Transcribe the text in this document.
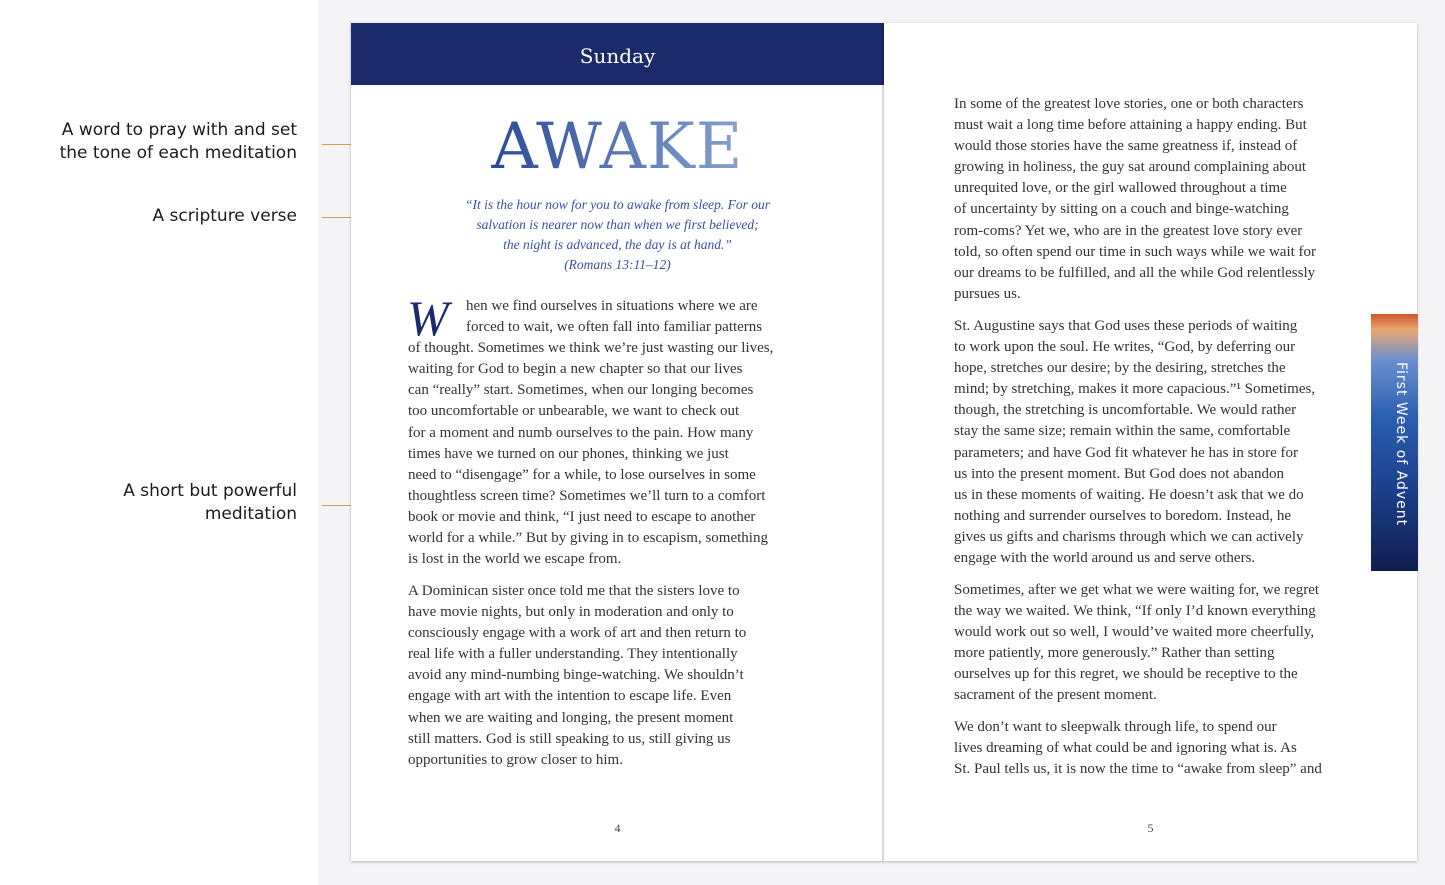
A word to pray with and set
the tone of each meditation
A scripture verse
A short but powerful
meditation
Sunday
AWAKE
“It is the hour now for you to awake from sleep. For our
salvation is nearer now than when we first believed;
the night is advanced, the day is at hand.”
(Romans 13:11–12)
W	hen we find ourselves in situations where we are
forced to wait, we often fall into familiar patterns
of thought. Sometimes we think we’re just wasting our lives,
waiting for God to begin a new chapter so that our lives
can “really” start. Sometimes, when our longing becomes
too uncomfortable or unbearable, we want to check out
for a moment and numb ourselves to the pain. How many
times have we turned on our phones, thinking we just
need to “disengage” for a while, to lose ourselves in some
thoughtless screen time? Sometimes we’ll turn to a comfort
book or movie and think, “I just need to escape to another
world for a while.” But by giving in to escapism, something
is lost in the world we escape from.
A Dominican sister once told me that the sisters love to
have movie nights, but only in moderation and only to
consciously engage with a work of art and then return to
real life with a fuller understanding. They intentionally
avoid any mind-numbing binge-watching. We shouldn’t
engage with art with the intention to escape life. Even
when we are waiting and longing, the present moment
still matters. God is still speaking to us, still giving us
opportunities to grow closer to him.
4
In some of the greatest love stories, one or both characters
must wait a long time before attaining a happy ending. But
would those stories have the same greatness if, instead of
growing in holiness, the guy sat around complaining about
unrequited love, or the girl wallowed throughout a time
of uncertainty by sitting on a couch and binge-watching
rom-coms? Yet we, who are in the greatest love story ever
told, so often spend our time in such ways while we wait for
our dreams to be fulfilled, and all the while God relentlessly
pursues us.
St. Augustine says that God uses these periods of waiting
to work upon the soul. He writes, “God, by deferring our
hope, stretches our desire; by the desiring, stretches the
mind; by stretching, makes it more capacious.”¹ Sometimes,
though, the stretching is uncomfortable. We would rather
stay the same size; remain within the same, comfortable
parameters; and have God fit whatever he has in store for
us into the present moment. But God does not abandon
us in these moments of waiting. He doesn’t ask that we do
nothing and surrender ourselves to boredom. Instead, he
gives us gifts and charisms through which we can actively
engage with the world around us and serve others.
Sometimes, after we get what we were waiting for, we regret
the way we waited. We think, “If only I’d known everything
would work out so well, I would’ve waited more cheerfully,
more patiently, more generously.” Rather than setting
ourselves up for this regret, we should be receptive to the
sacrament of the present moment.
We don’t want to sleepwalk through life, to spend our
lives dreaming of what could be and ignoring what is. As
St. Paul tells us, it is now the time to “awake from sleep” and
5
First Week of Advent
